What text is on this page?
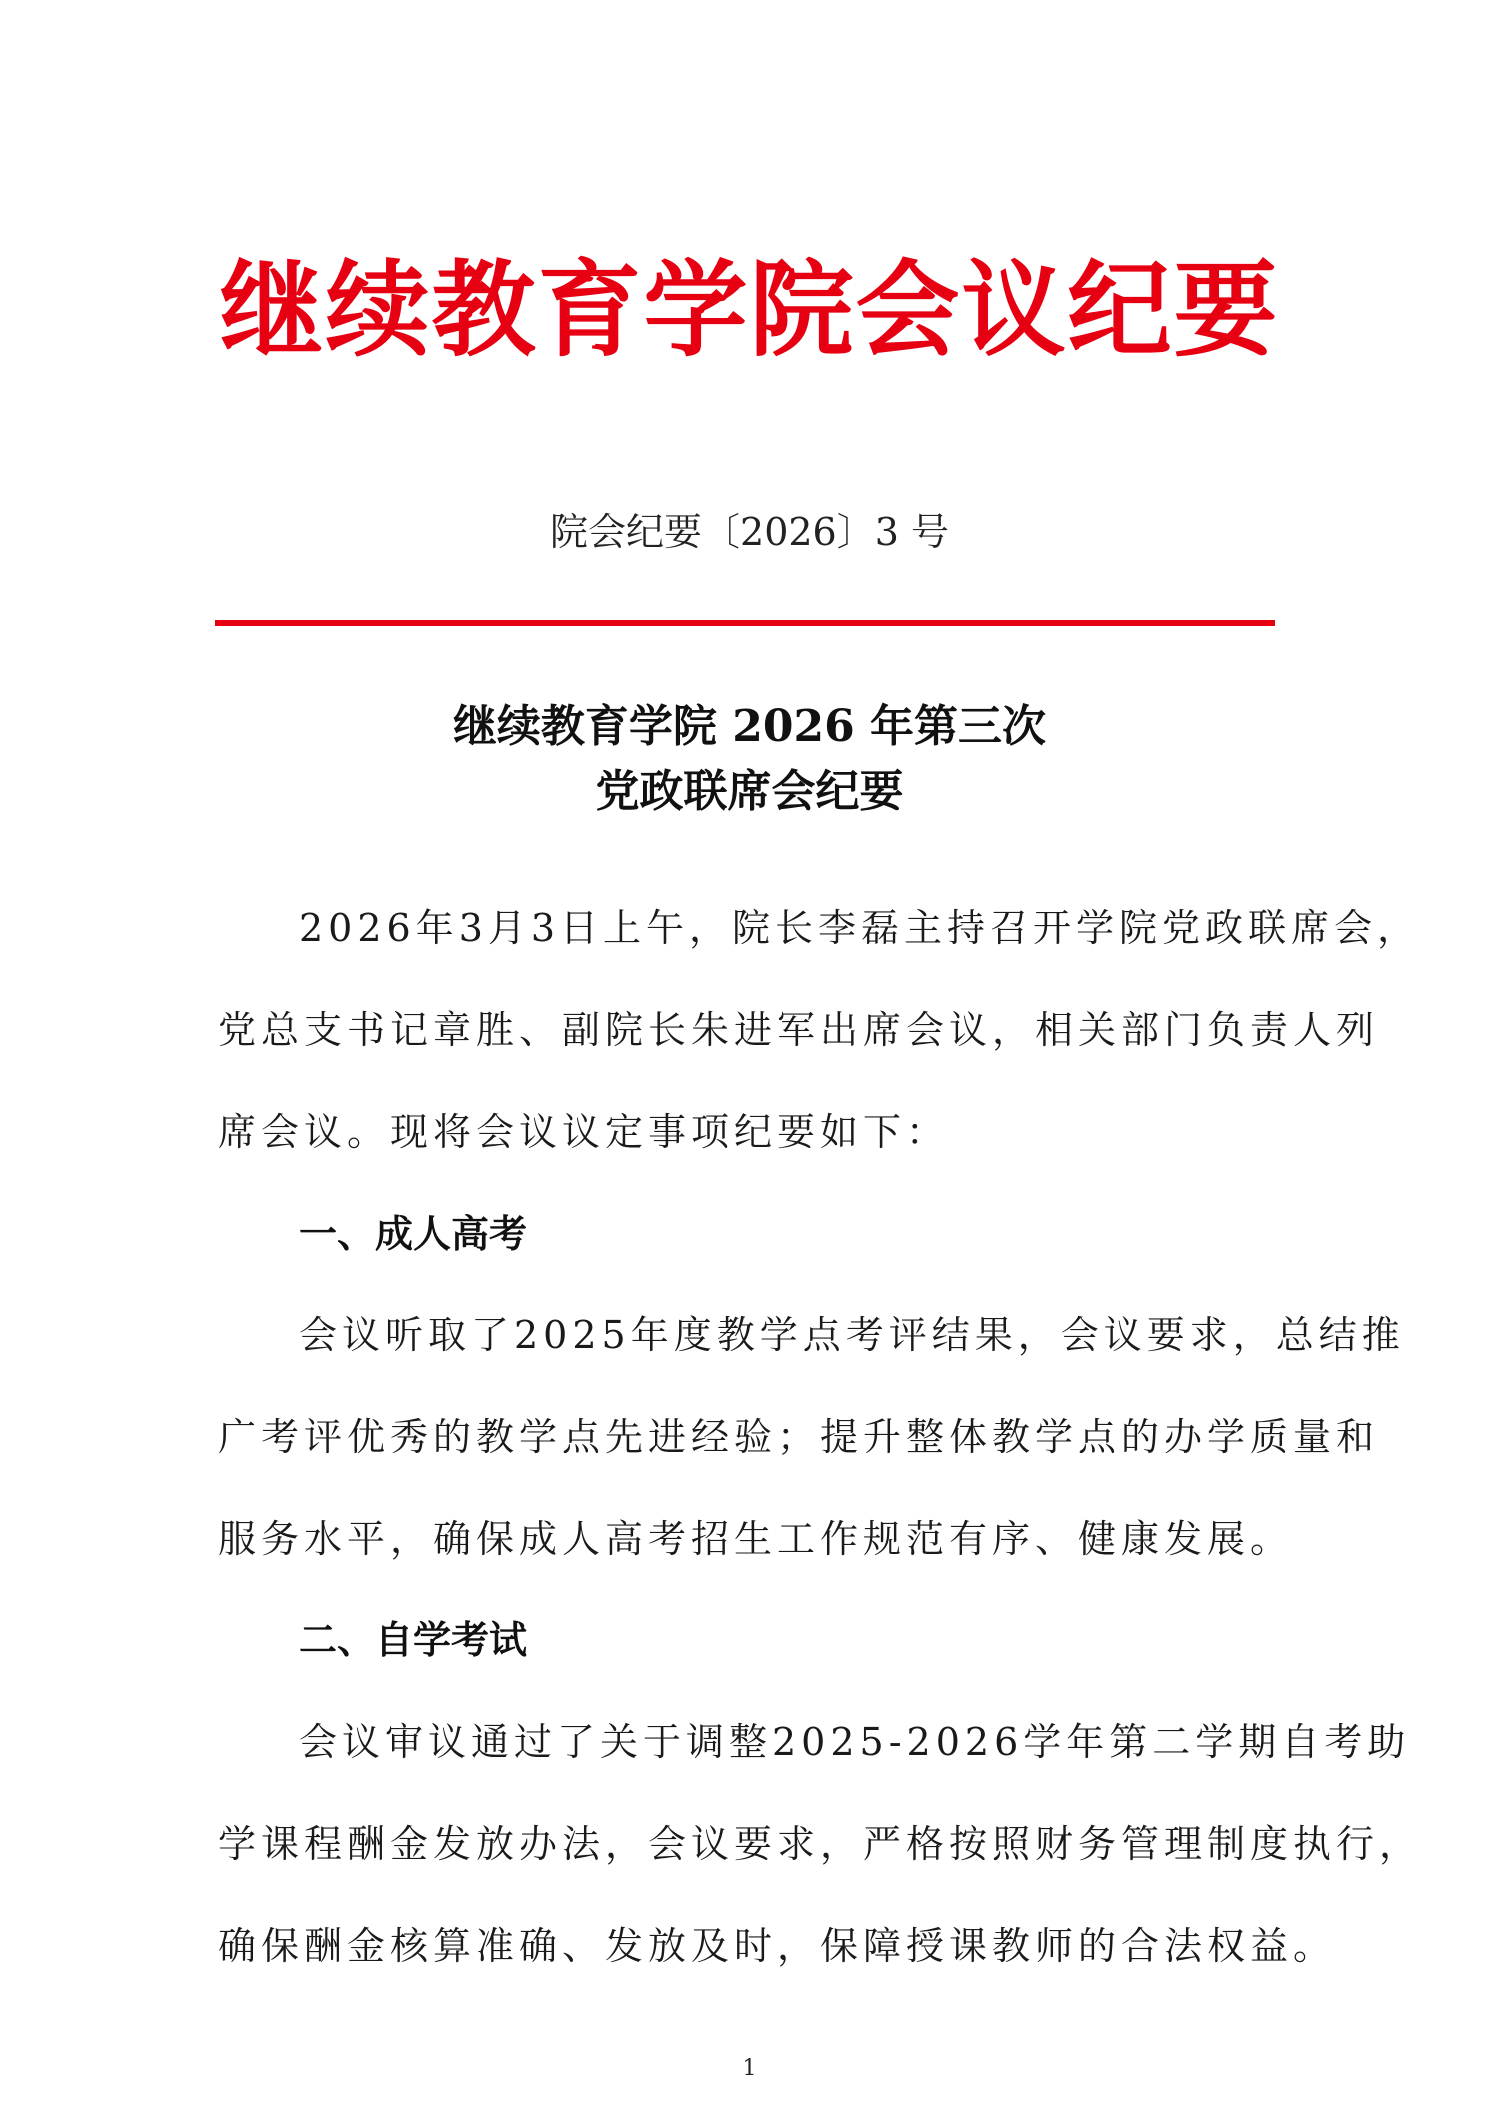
继续教育学院会议纪要
院会纪要〔2026〕3 号
继续教育学院 2026 年第三次
党政联席会纪要
2026年3月3日上午，院长李磊主持召开学院党政联席会，
党总支书记章胜、副院长朱进军出席会议，相关部门负责人列
席会议。现将会议议定事项纪要如下：
一、成人高考
会议听取了2025年度教学点考评结果，会议要求，总结推
广考评优秀的教学点先进经验；提升整体教学点的办学质量和
服务水平，确保成人高考招生工作规范有序、健康发展。
二、自学考试
会议审议通过了关于调整2025-2026学年第二学期自考助
学课程酬金发放办法，会议要求，严格按照财务管理制度执行，
确保酬金核算准确、发放及时，保障授课教师的合法权益。
1
